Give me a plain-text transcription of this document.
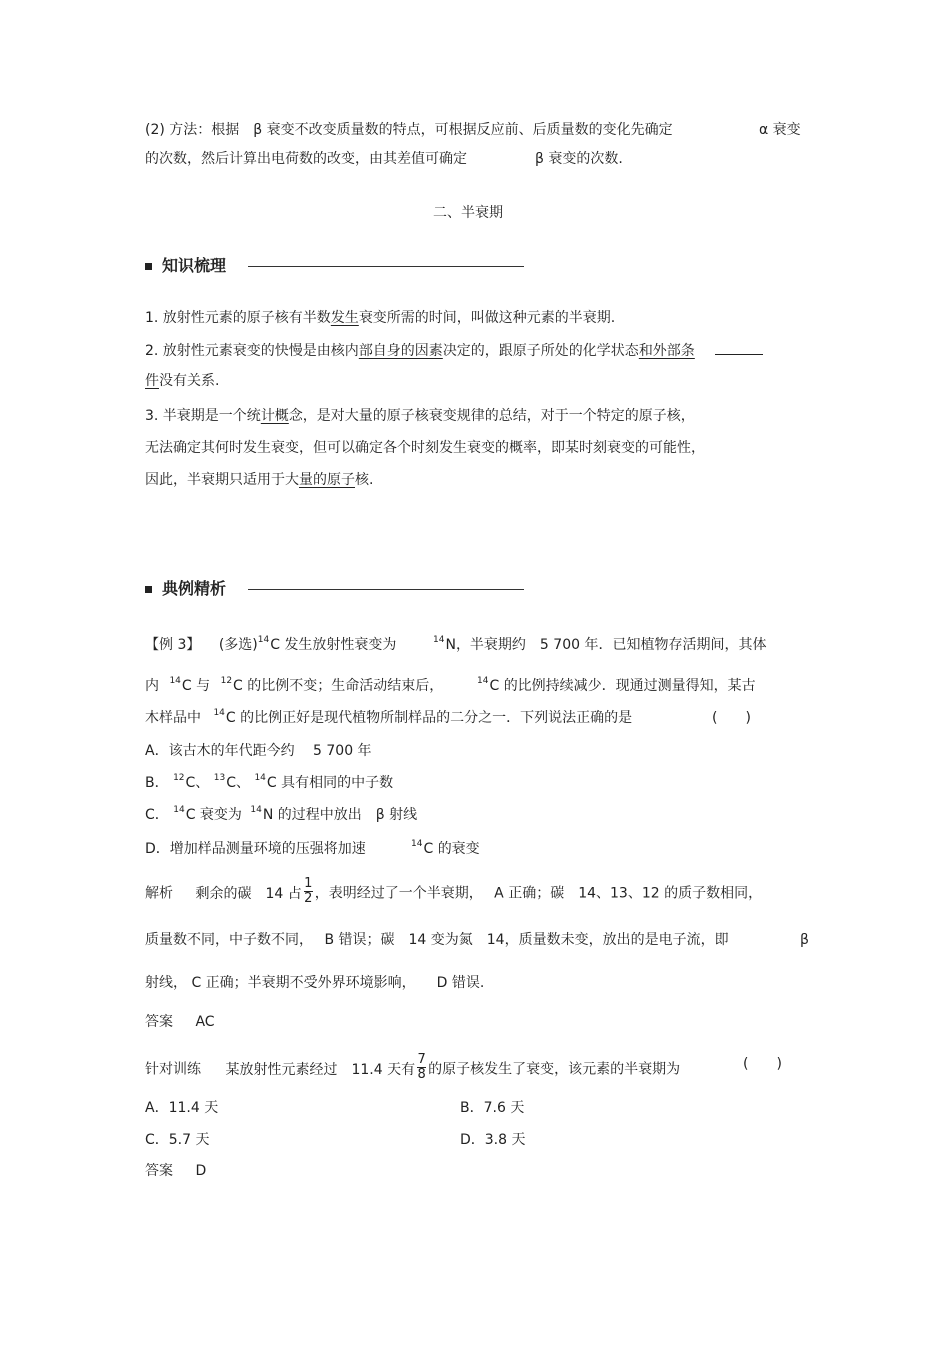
(2) 方法：根据　β 衰变不改变质量数的特点，可根据反应前、后质量数的变化先确定	α 衰变
的次数，然后计算出电荷数的改变，由其差值可确定	β 衰变的次数.
二、半衰期
知识梳理
1. 放射性元素的原子核有半数发生衰变所需的时间，叫做这种元素的半衰期.
2. 放射性元素衰变的快慢是由核内部自身的因素决定的，跟原子所处的化学状态和外部条
件没有关系.
3. 半衰期是一个统计概念，是对大量的原子核衰变规律的总结，对于一个特定的原子核，
无法确定其何时发生衰变，但可以确定各个时刻发生衰变的概率，即某时刻衰变的可能性，
因此，半衰期只适用于大量的原子核.
典例精析
【例 3】 (多选)$^{14}$C 发生放射性衰变为	$^{14}$N，半衰期约　5 700 年．已知植物存活期间，其体
内 $^{14}$C 与 $^{12}$C 的比例不变；生命活动结束后，	$^{14}$C 的比例持续减少．现通过测量得知，某古
木样品中 $^{14}$C 的比例正好是现代植物所制样品的二分之一．下列说法正确的是	(　　)
A．该古木的年代距今约　 5 700 年
B． $^{12}$C、 $^{13}$C、 $^{14}$C 具有相同的中子数
C． $^{14}$C 衰变为 $^{14}$N 的过程中放出　β 射线
D．增加样品测量环境的压强将加速	$^{14}$C 的衰变
解析 剩余的碳　14 占 $\frac{1}{2}$ ，表明经过了一个半衰期，　 A 正确；碳　14、13、12 的质子数相同，
质量数不同，中子数不同，　 B 错误；碳　14 变为氮　14，质量数未变，放出的是电子流，即	β
射线， C 正确；半衰期不受外界环境影响，　　D 错误.
答案 AC
针对训练 某放射性元素经过　11.4 天有 $\frac{7}{8}$ 的原子核发生了衰变，该元素的半衰期为	(　　)
A．11.4 天	B．7.6 天
C．5.7 天	D．3.8 天
答案 D
